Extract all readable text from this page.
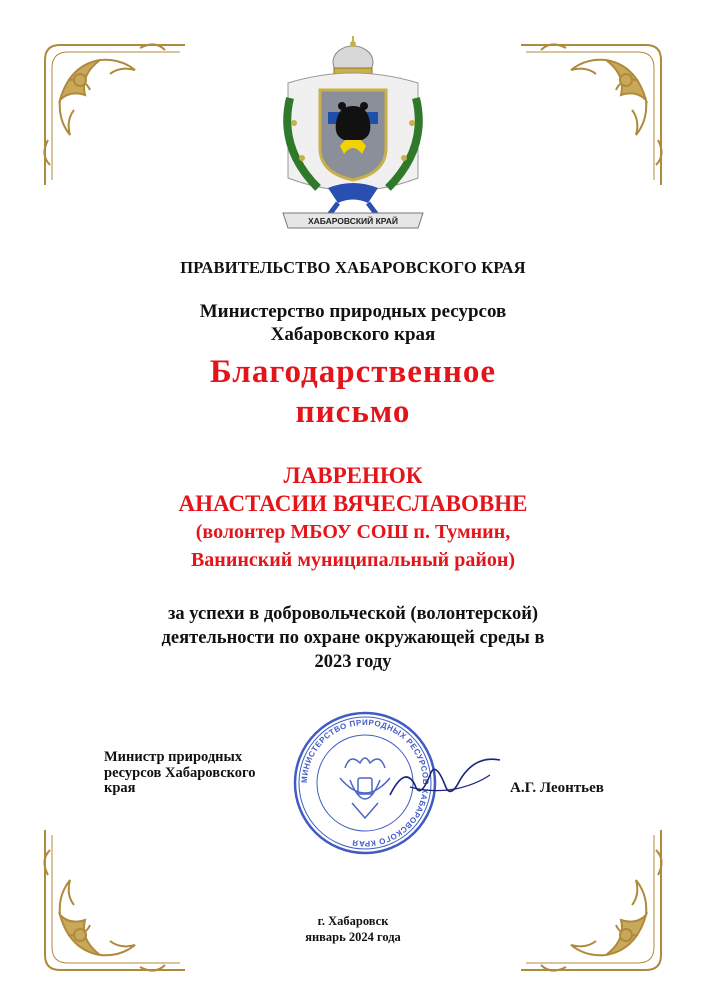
ХАБАРОВСКИЙ КРАЙ
ПРАВИТЕЛЬСТВО ХАБАРОВСКОГО КРАЯ
Министерство природных ресурсов
Хабаровского края
Благодарственное
письмо
ЛАВРЕНЮК
АНАСТАСИИ ВЯЧЕСЛАВОВНЕ
(волонтер МБОУ СОШ п. Тумнин,
Ванинский муниципальный район)
за успехи в добровольческой (волонтерской)
деятельности по охране окружающей среды в
2023 году
МИНИСТЕРСТВО ПРИРОДНЫХ РЕСУРСОВ ХАБАРОВСКОГО КРАЯ
Министр природных
ресурсов Хабаровского
края	А.Г. Леонтьев
г. Хабаровск
январь 2024 года
